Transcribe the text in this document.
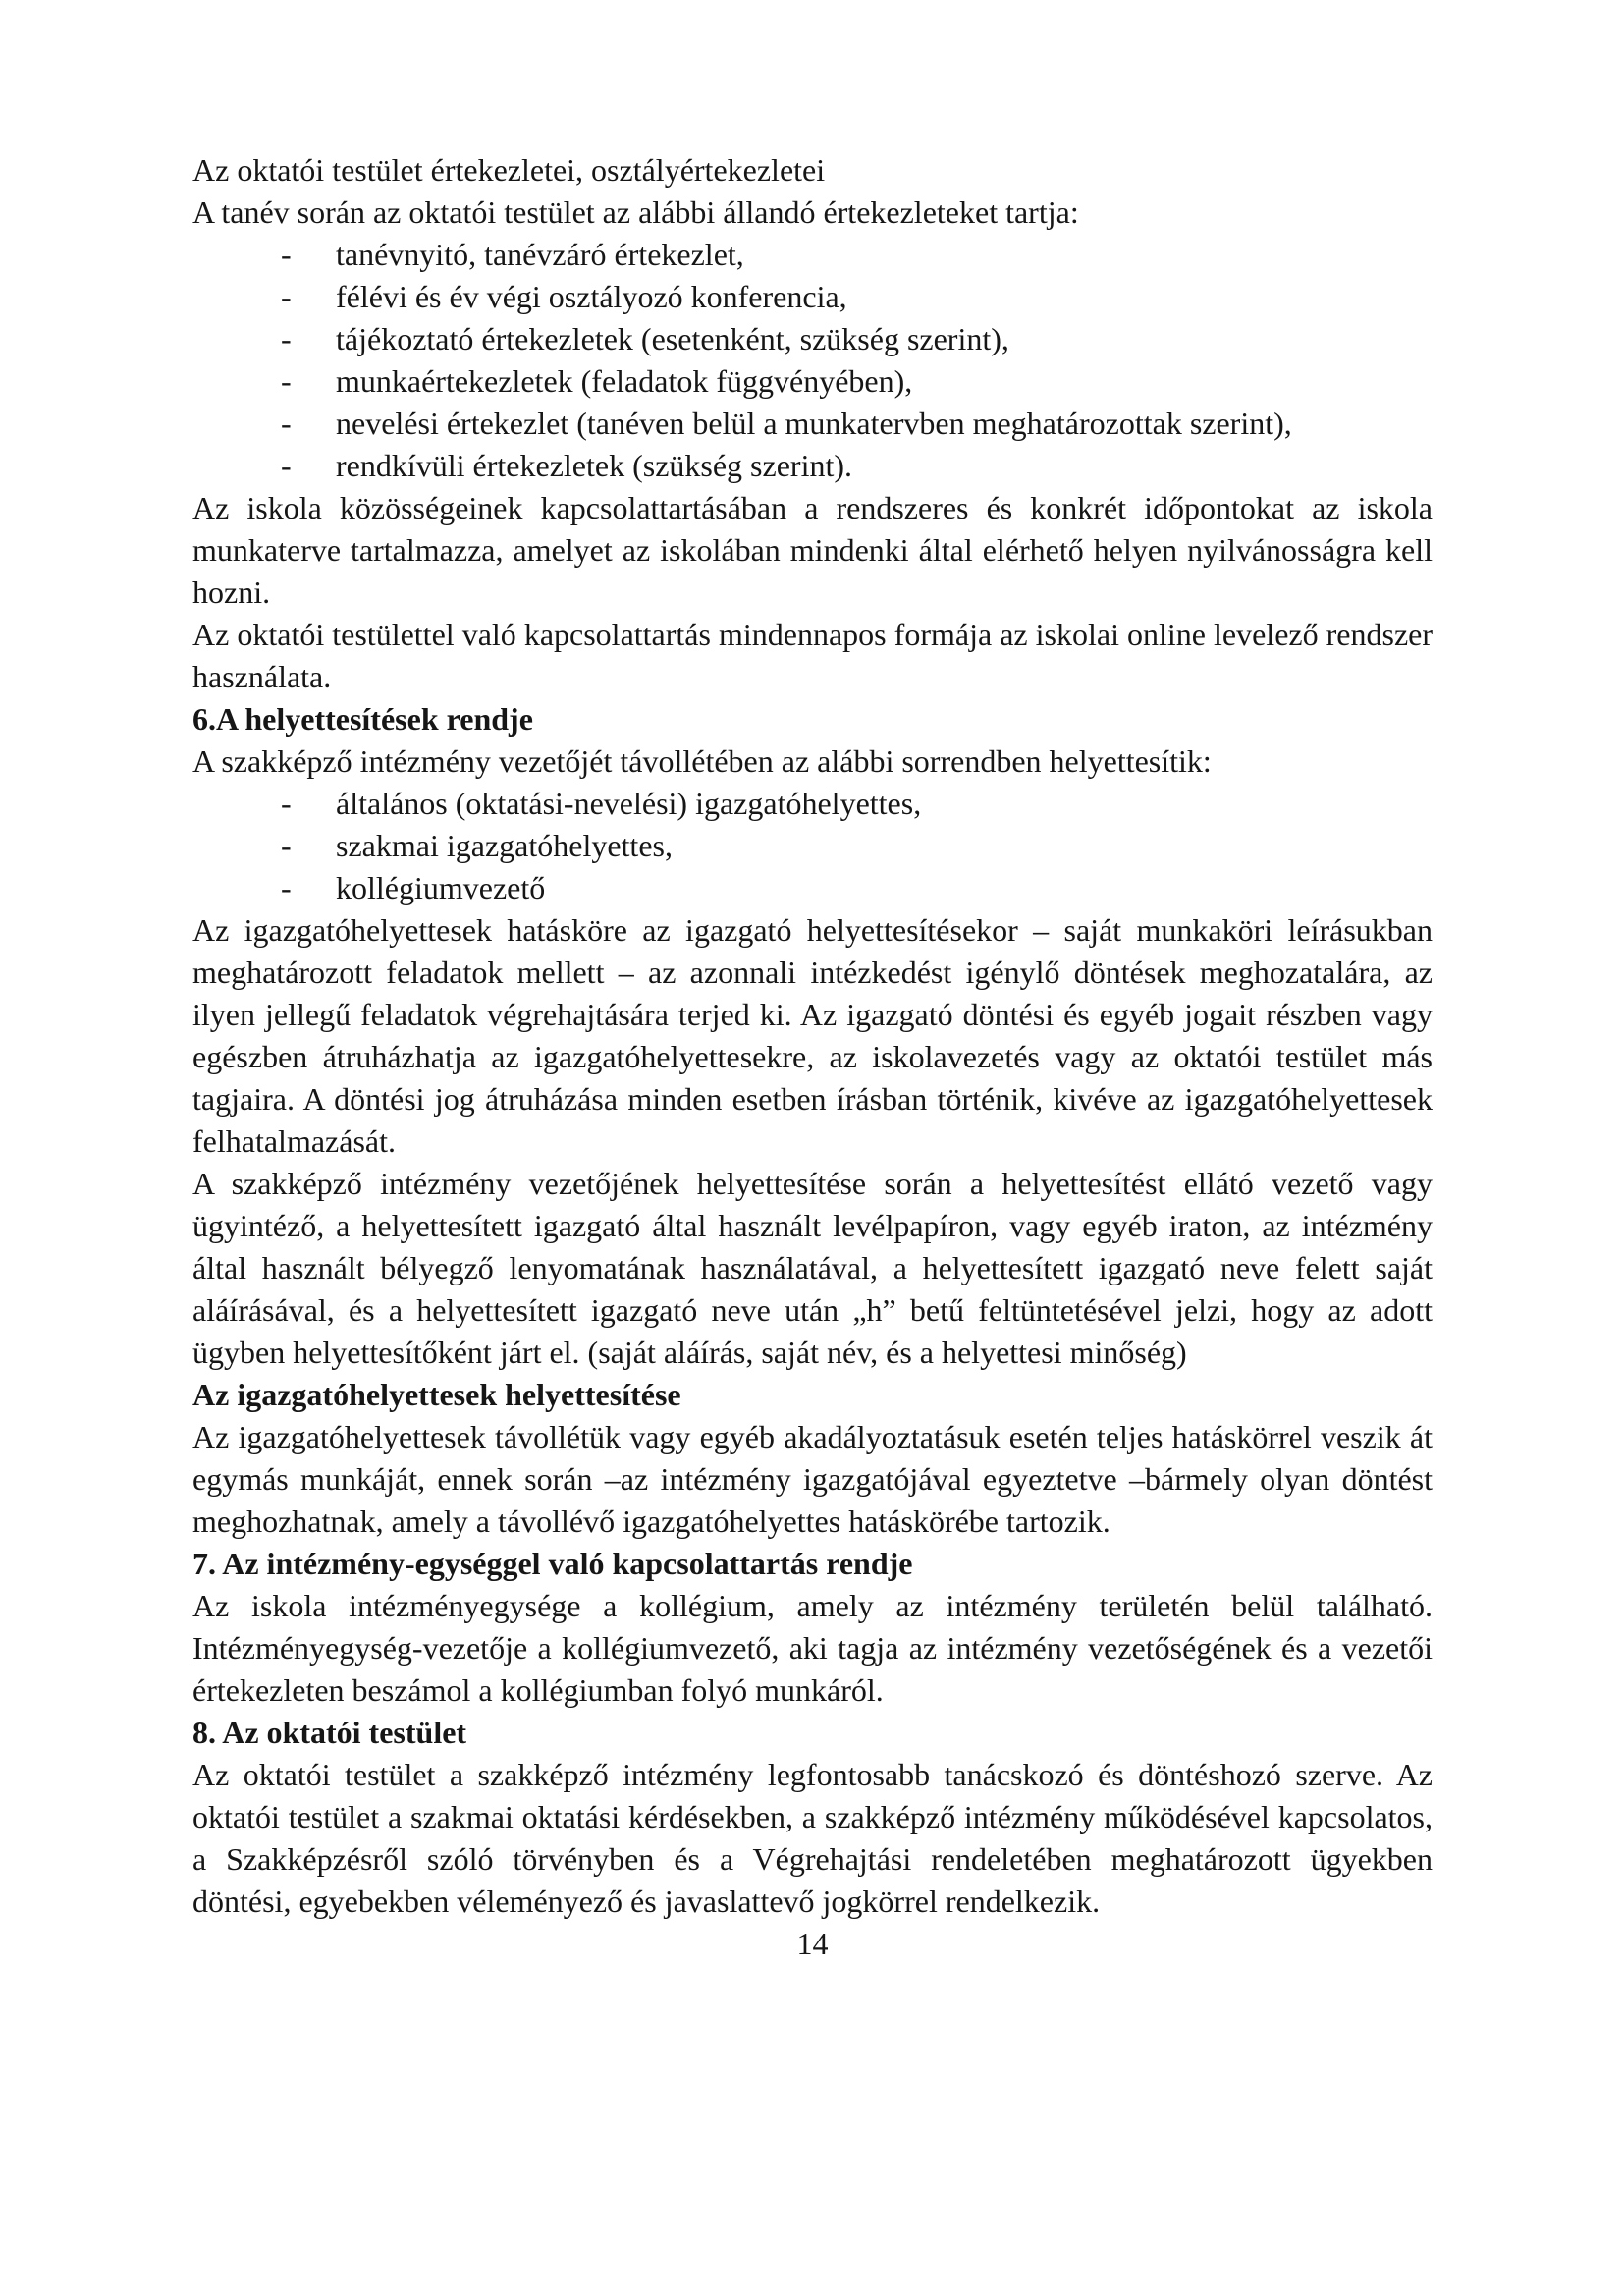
Az oktatói testület értekezletei, osztályértekezletei

A tanév során az oktatói testület az alábbi állandó értekezleteket tartja:

- tanévnyitó, tanévzáró értekezlet,
- félévi és év végi osztályozó konferencia,
- tájékoztató értekezletek (esetenként, szükség szerint),
- munkaértekezletek (feladatok függvényében),
- nevelési értekezlet (tanéven belül a munkatervben meghatározottak szerint),
- rendkívüli értekezletek (szükség szerint).

Az iskola közösségeinek kapcsolattartásában a rendszeres és konkrét időpontokat az iskola munkaterve tartalmazza, amelyet az iskolában mindenki által elérhető helyen nyilvánosságra kell hozni.

Az oktatói testülettel való kapcsolattartás mindennapos formája az iskolai online levelező rendszer használata.

6.A helyettesítések rendje

A szakképző intézmény vezetőjét távollétében az alábbi sorrendben helyettesítik:

- általános (oktatási-nevelési) igazgatóhelyettes,
- szakmai igazgatóhelyettes,
- kollégiumvezető

Az igazgatóhelyettesek hatásköre az igazgató helyettesítésekor – saját munkaköri leírásukban meghatározott feladatok mellett – az azonnali intézkedést igénylő döntések meghozatalára, az ilyen jellegű feladatok végrehajtására terjed ki. Az igazgató döntési és egyéb jogait részben vagy egészben átruházhatja az igazgatóhelyettesekre, az iskolavezetés vagy az oktatói testület más tagjaira. A döntési jog átruházása minden esetben írásban történik, kivéve az igazgatóhelyettesek felhatalmazását.

A szakképző intézmény vezetőjének helyettesítése során a helyettesítést ellátó vezető vagy ügyintéző, a helyettesített igazgató által használt levélpapíron, vagy egyéb iraton, az intézmény által használt bélyegző lenyomatának használatával, a helyettesített igazgató neve felett saját aláírásával, és a helyettesített igazgató neve után „h” betű feltüntetésével jelzi, hogy az adott ügyben helyettesítőként járt el. (saját aláírás, saját név, és a helyettesi minőség)

Az igazgatóhelyettesek helyettesítése

Az igazgatóhelyettesek távollétük vagy egyéb akadályoztatásuk esetén teljes hatáskörrel veszik át egymás munkáját, ennek során –az intézmény igazgatójával egyeztetve –bármely olyan döntést meghozhatnak, amely a távollévő igazgatóhelyettes hatáskörébe tartozik.

7. Az intézmény-egységgel való kapcsolattartás rendje

Az iskola intézményegysége a kollégium, amely az intézmény területén belül található. Intézményegység-vezetője a kollégiumvezető, aki tagja az intézmény vezetőségének és a vezetői értekezleten beszámol a kollégiumban folyó munkáról.

8. Az oktatói testület

Az oktatói testület a szakképző intézmény legfontosabb tanácskozó és döntéshozó szerve. Az oktatói testület a szakmai oktatási kérdésekben, a szakképző intézmény működésével kapcsolatos, a Szakképzésről szóló törvényben és a Végrehajtási rendeletében meghatározott ügyekben döntési, egyebekben véleményező és javaslattevő jogkörrel rendelkezik.

14
